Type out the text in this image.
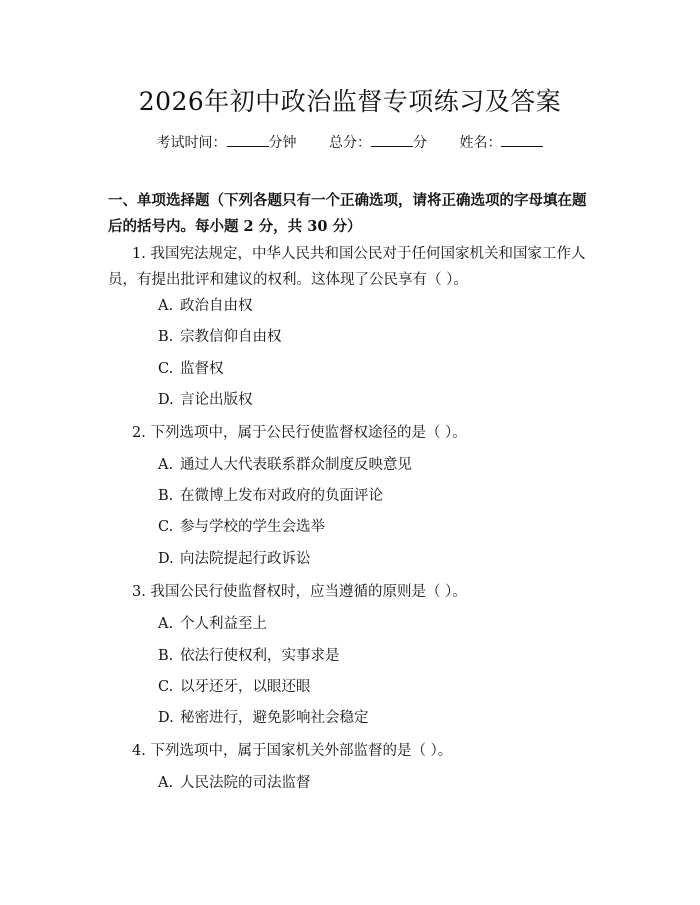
2026年初中政治监督专项练习及答案
考试时间：	分钟 总分：	分 姓名：
一、单项选择题（下列各题只有一个正确选项，请将正确选项的字母填在题后的括号内。每小题 2 分，共 30 分）
1. 我国宪法规定，中华人民共和国公民对于任何国家机关和国家工作人员，有提出批评和建议的权利。这体现了公民享有（ ）。
A. 政治自由权
B. 宗教信仰自由权
C. 监督权
D. 言论出版权
2. 下列选项中，属于公民行使监督权途径的是（ ）。
A. 通过人大代表联系群众制度反映意见
B. 在微博上发布对政府的负面评论
C. 参与学校的学生会选举
D. 向法院提起行政诉讼
3. 我国公民行使监督权时，应当遵循的原则是（ ）。
A. 个人利益至上
B. 依法行使权利，实事求是
C. 以牙还牙，以眼还眼
D. 秘密进行，避免影响社会稳定
4. 下列选项中，属于国家机关外部监督的是（ ）。
A. 人民法院的司法监督
